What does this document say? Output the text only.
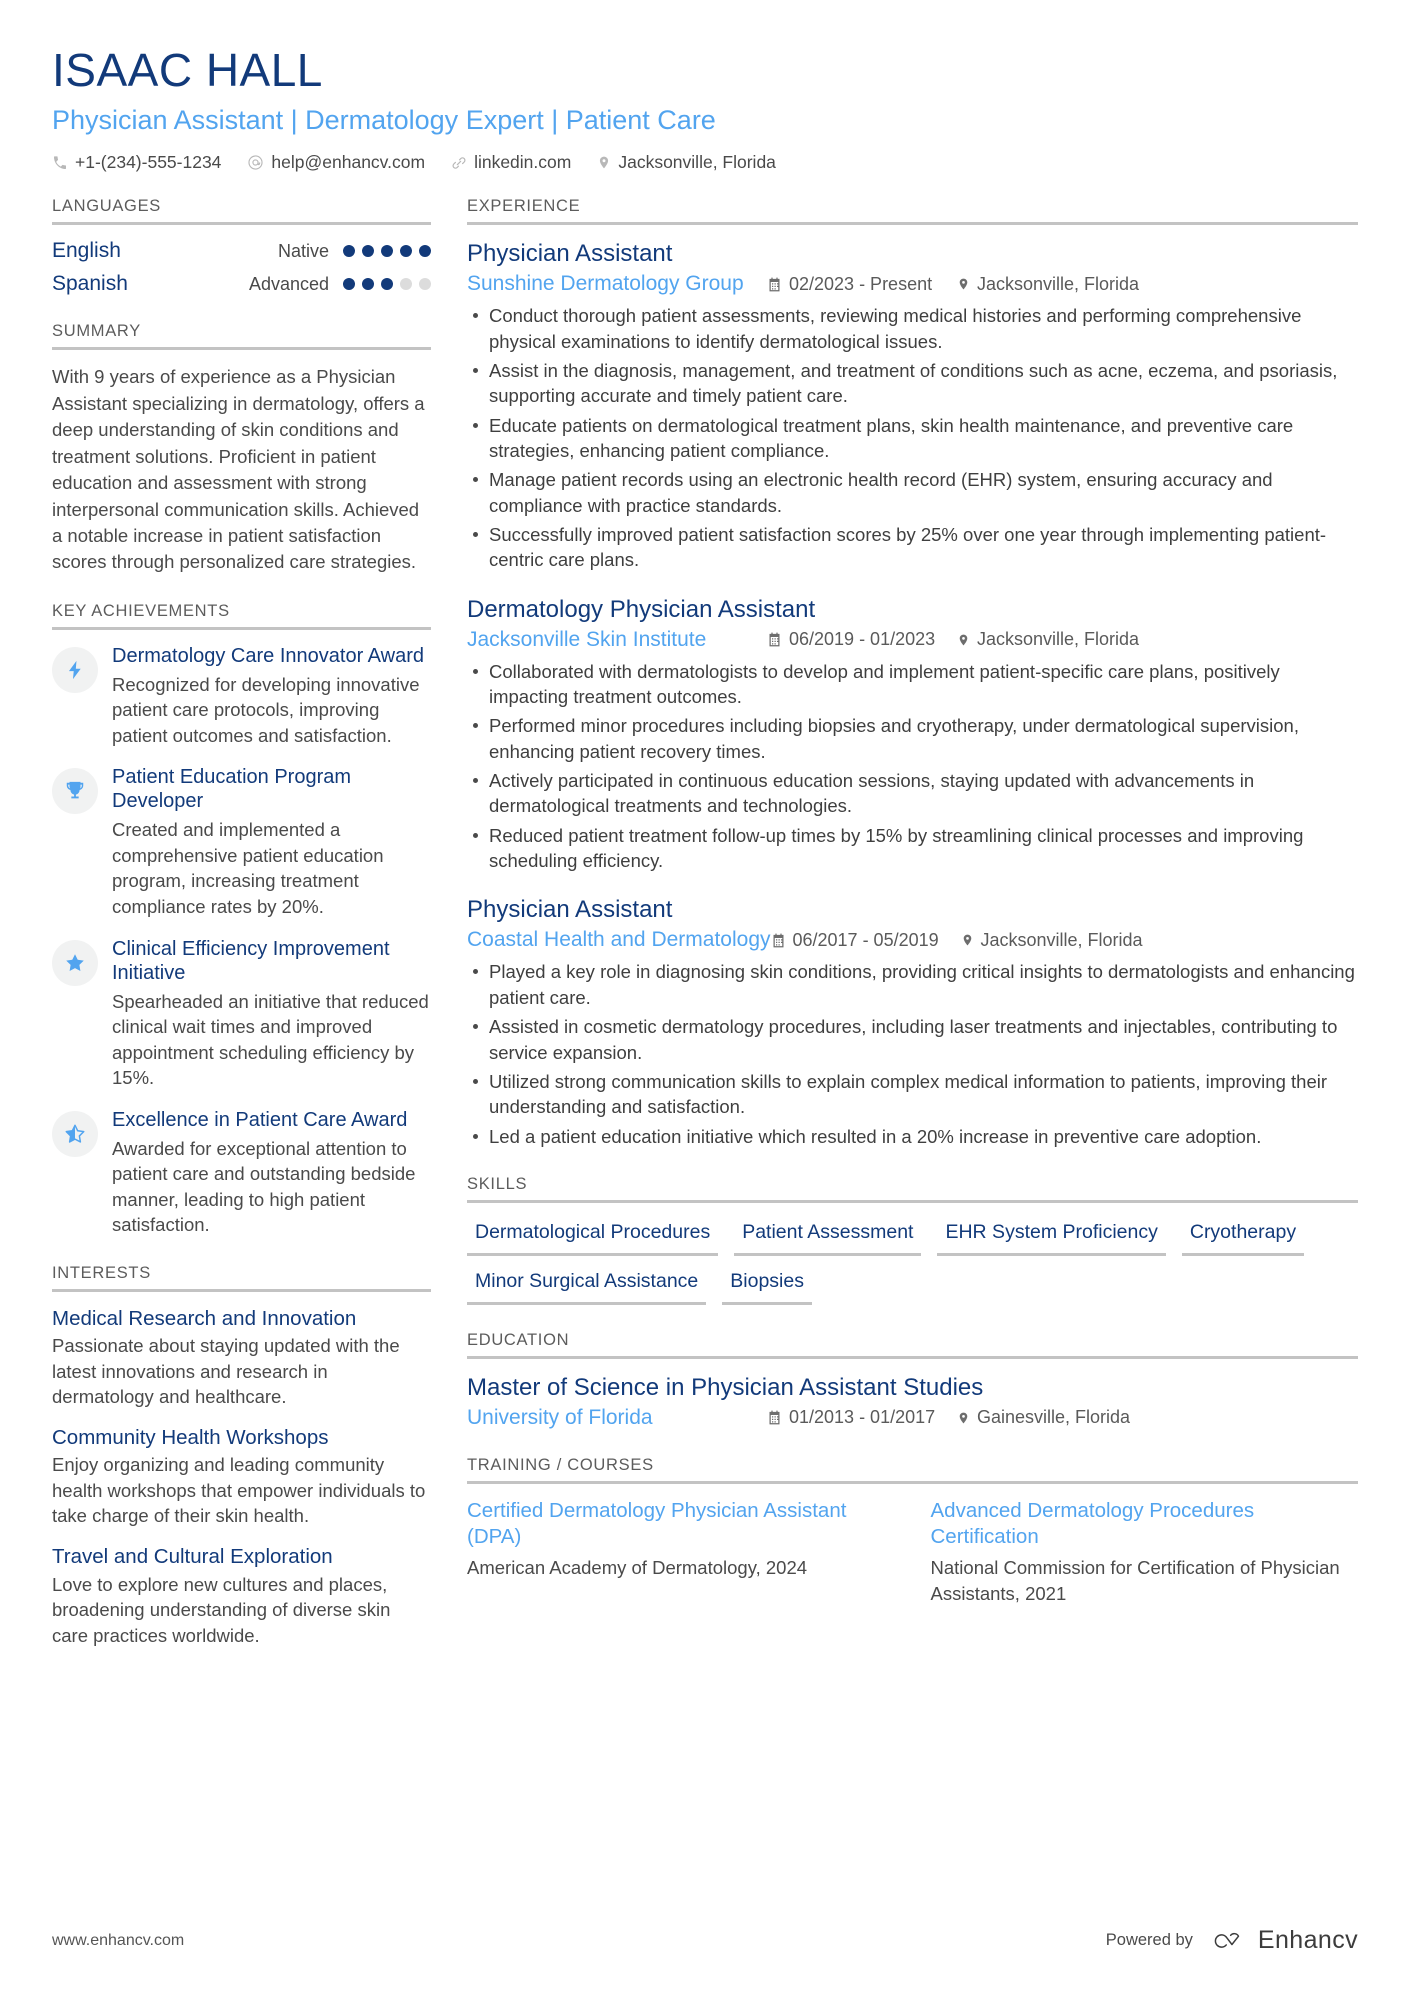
ISAAC HALL
Physician Assistant | Dermatology Expert | Patient Care
+1-(234)-555-1234	help@enhancv.com	linkedin.com	Jacksonville, Florida
LANGUAGES
English	Native
Spanish	Advanced
SUMMARY
With 9 years of experience as a Physician Assistant specializing in dermatology, offers a deep understanding of skin conditions and treatment solutions. Proficient in patient education and assessment with strong interpersonal communication skills. Achieved a notable increase in patient satisfaction scores through personalized care strategies.
KEY ACHIEVEMENTS
Dermatology Care Innovator Award
Recognized for developing innovative patient care protocols, improving patient outcomes and satisfaction.
Patient Education Program Developer
Created and implemented a comprehensive patient education program, increasing treatment compliance rates by 20%.
Clinical Efficiency Improvement Initiative
Spearheaded an initiative that reduced clinical wait times and improved appointment scheduling efficiency by 15%.
Excellence in Patient Care Award
Awarded for exceptional attention to patient care and outstanding bedside manner, leading to high patient satisfaction.
INTERESTS
Medical Research and Innovation
Passionate about staying updated with the latest innovations and research in dermatology and healthcare.
Community Health Workshops
Enjoy organizing and leading community health workshops that empower individuals to take charge of their skin health.
Travel and Cultural Exploration
Love to explore new cultures and places, broadening understanding of diverse skin care practices worldwide.
EXPERIENCE
Physician Assistant
Sunshine Dermatology Group	02/2023 - Present Jacksonville, Florida
Conduct thorough patient assessments, reviewing medical histories and performing comprehensive physical examinations to identify dermatological issues.
Assist in the diagnosis, management, and treatment of conditions such as acne, eczema, and psoriasis, supporting accurate and timely patient care.
Educate patients on dermatological treatment plans, skin health maintenance, and preventive care strategies, enhancing patient compliance.
Manage patient records using an electronic health record (EHR) system, ensuring accuracy and compliance with practice standards.
Successfully improved patient satisfaction scores by 25% over one year through implementing patient-centric care plans.
Dermatology Physician Assistant
Jacksonville Skin Institute	06/2019 - 01/2023 Jacksonville, Florida
Collaborated with dermatologists to develop and implement patient-specific care plans, positively impacting treatment outcomes.
Performed minor procedures including biopsies and cryotherapy, under dermatological supervision, enhancing patient recovery times.
Actively participated in continuous education sessions, staying updated with advancements in dermatological treatments and technologies.
Reduced patient treatment follow-up times by 15% by streamlining clinical processes and improving scheduling efficiency.
Physician Assistant
Coastal Health and Dermatology 06/2017 - 05/2019 Jacksonville, Florida
Played a key role in diagnosing skin conditions, providing critical insights to dermatologists and enhancing patient care.
Assisted in cosmetic dermatology procedures, including laser treatments and injectables, contributing to service expansion.
Utilized strong communication skills to explain complex medical information to patients, improving their understanding and satisfaction.
Led a patient education initiative which resulted in a 20% increase in preventive care adoption.
SKILLS
Dermatological Procedures	Patient Assessment	EHR System Proficiency	Cryotherapy
Minor Surgical Assistance	Biopsies
EDUCATION
Master of Science in Physician Assistant Studies
University of Florida	01/2013 - 01/2017 Gainesville, Florida
TRAINING / COURSES
Certified Dermatology Physician Assistant (DPA)
American Academy of Dermatology, 2024
Advanced Dermatology Procedures Certification
National Commission for Certification of Physician Assistants, 2021
www.enhancv.com	Powered by	Enhancv
